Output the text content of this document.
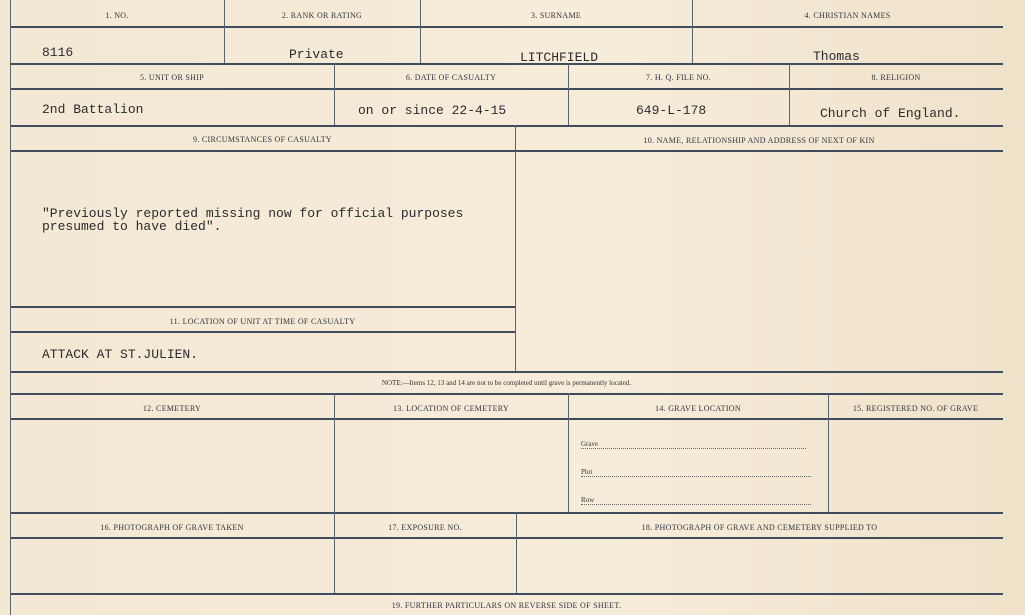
1. NO.	2. RANK OR RATING	3. SURNAME	4. CHRISTIAN NAMES
8116	Private	LITCHFIELD	Thomas
5. UNIT OR SHIP	6. DATE OF CASUALTY	7. H. Q. FILE NO.	8. RELIGION
2nd Battalion	on or since 22-4-15	649-L-178	Church of England.
9. CIRCUMSTANCES OF CASUALTY
"Previously reported missing now for official purposes
presumed to have died".
10. NAME, RELATIONSHIP AND ADDRESS OF NEXT OF KIN
11. LOCATION OF UNIT AT TIME OF CASUALTY
ATTACK AT ST.JULIEN.
NOTE:—Items 12, 13 and 14 are not to be completed until grave is permanently located.
12. CEMETERY	13. LOCATION OF CEMETERY	14. GRAVE LOCATION	15. REGISTERED NO. OF GRAVE
Grave
Plot
Row
16. PHOTOGRAPH OF GRAVE TAKEN	17. EXPOSURE NO.	18. PHOTOGRAPH OF GRAVE AND CEMETERY SUPPLIED TO
19. FURTHER PARTICULARS ON REVERSE SIDE OF SHEET.
